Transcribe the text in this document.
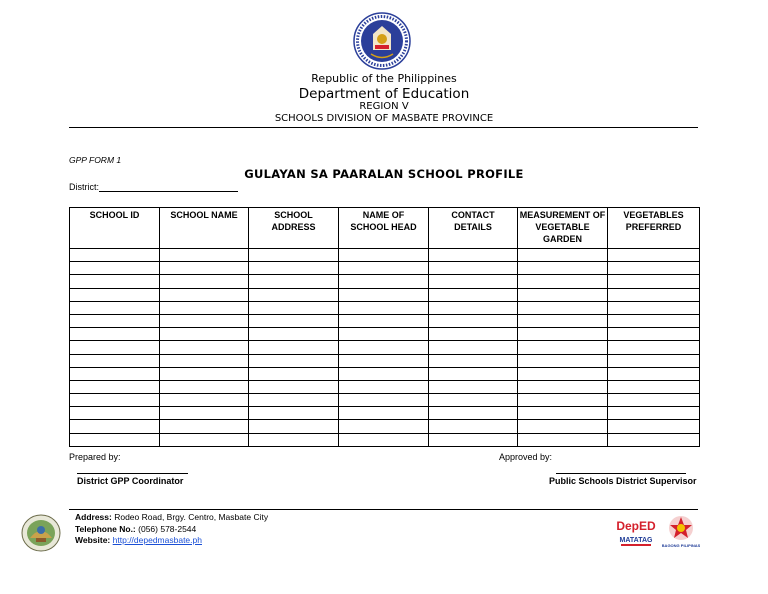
Republic of the Philippines
Department of Education
REGION V
SCHOOLS DIVISION OF MASBATE PROVINCE
GPP FORM 1
GULAYAN SA PAARALAN SCHOOL PROFILE
District:
SCHOOL ID	SCHOOL NAME	SCHOOL ADDRESS	NAME OF SCHOOL HEAD	CONTACT DETAILS	MEASUREMENT OF VEGETABLE GARDEN	VEGETABLES PREFERRED

Prepared by:
District GPP Coordinator
Approved by:
Public Schools District Supervisor
Address: Rodeo Road, Brgy. Centro, Masbate City
Telephone No.: (056) 578-2544
Website: http://depedmasbate.ph
DepED
MATATAG
BAGONG PILIPINAS
